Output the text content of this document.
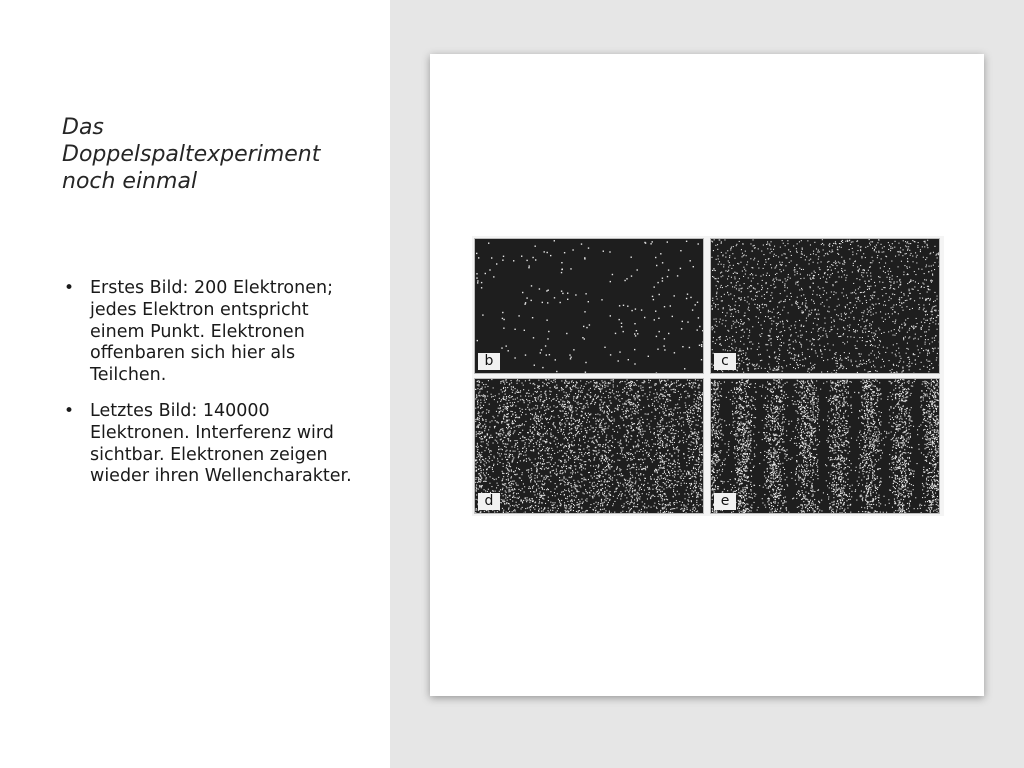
Das
Doppelspaltexperiment
noch einmal
• Erstes Bild: 200 Elektronen; jedes Elektron entspricht einem Punkt. Elektronen offenbaren sich hier als Teilchen.
• Letztes Bild: 140000 Elektronen. Interferenz wird sichtbar. Elektronen zeigen wieder ihren Wellencharakter.
b	c
d	e
